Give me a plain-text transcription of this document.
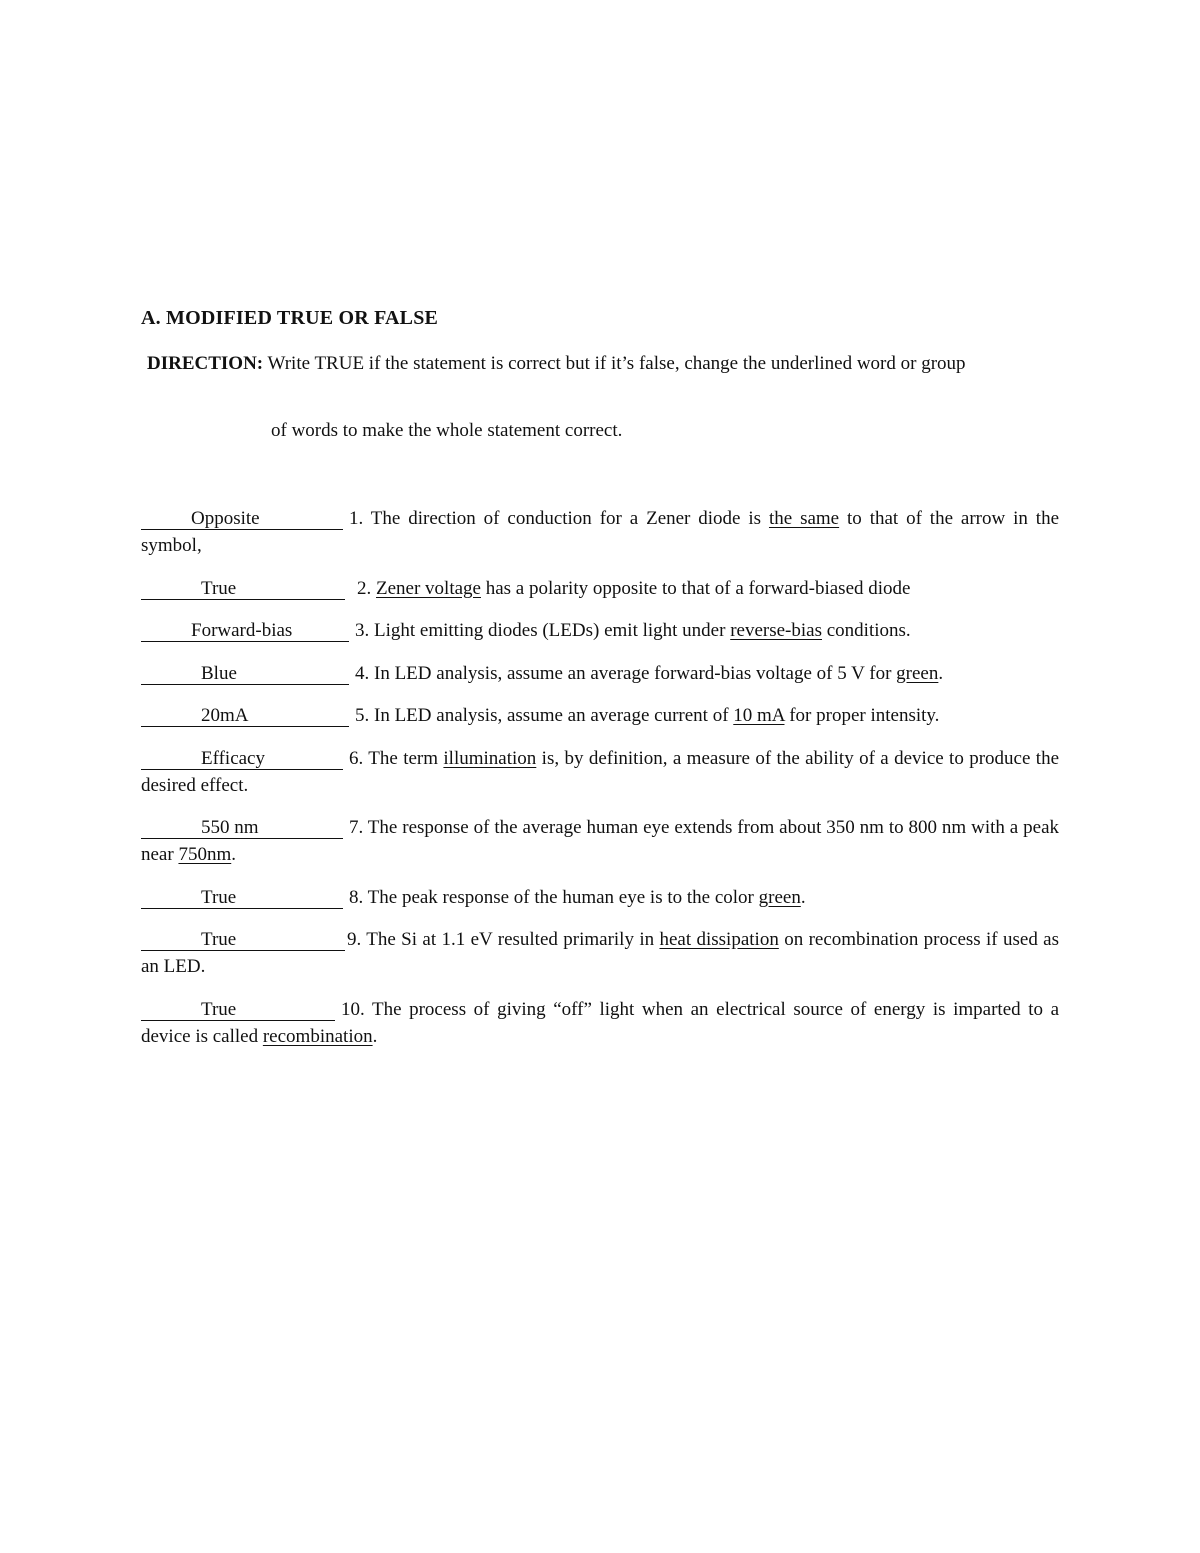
A. MODIFIED TRUE OR FALSE
DIRECTION: Write TRUE if the statement is correct but if it’s false, change the underlined word or group
of words to make the whole statement correct.
Opposite	1. The direction of conduction for a Zener diode is the same to that of the arrow in the symbol,
True	2. Zener voltage has a polarity opposite to that of a forward-biased diode
Forward-bias	3. Light emitting diodes (LEDs) emit light under reverse-bias conditions.
Blue	4. In LED analysis, assume an average forward-bias voltage of 5 V for green.
20mA	5. In LED analysis, assume an average current of 10 mA for proper intensity.
Efficacy	6. The term illumination is, by definition, a measure of the ability of a device to produce the desired effect.
550 nm	7. The response of the average human eye extends from about 350 nm to 800 nm with a peak near 750nm.
True	8. The peak response of the human eye is to the color green.
True	9. The Si at 1.1 eV resulted primarily in heat dissipation on recombination process if used as an LED.
True	10. The process of giving “off” light when an electrical source of energy is imparted to a device is called recombination.
